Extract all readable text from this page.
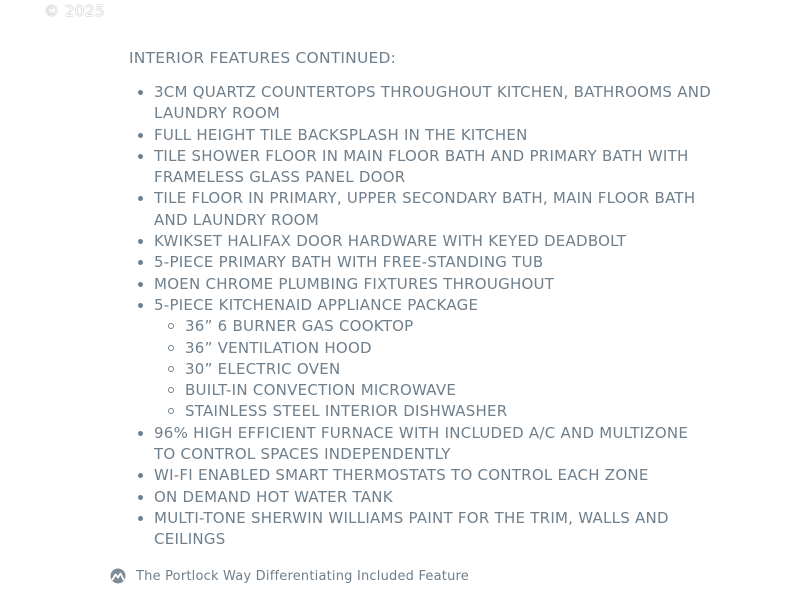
© 2025
INTERIOR FEATURES CONTINUED:
3CM QUARTZ COUNTERTOPS THROUGHOUT KITCHEN, BATHROOMS AND LAUNDRY ROOM
FULL HEIGHT TILE BACKSPLASH IN THE KITCHEN
TILE SHOWER FLOOR IN MAIN FLOOR BATH AND PRIMARY BATH WITH FRAMELESS GLASS PANEL DOOR
TILE FLOOR IN PRIMARY, UPPER SECONDARY BATH, MAIN FLOOR BATH AND LAUNDRY ROOM
KWIKSET HALIFAX DOOR HARDWARE WITH KEYED DEADBOLT
5-PIECE PRIMARY BATH WITH FREE-STANDING TUB
MOEN CHROME PLUMBING FIXTURES THROUGHOUT
5-PIECE KITCHENAID APPLIANCE PACKAGE
36” 6 BURNER GAS COOKTOP
36” VENTILATION HOOD
30” ELECTRIC OVEN
BUILT-IN CONVECTION MICROWAVE
STAINLESS STEEL INTERIOR DISHWASHER
96% HIGH EFFICIENT FURNACE WITH INCLUDED A/C AND MULTIZONE TO CONTROL SPACES INDEPENDENTLY
WI-FI ENABLED SMART THERMOSTATS TO CONTROL EACH ZONE
ON DEMAND HOT WATER TANK
MULTI-TONE SHERWIN WILLIAMS PAINT FOR THE TRIM, WALLS AND CEILINGS
The Portlock Way Differentiating Included Feature
